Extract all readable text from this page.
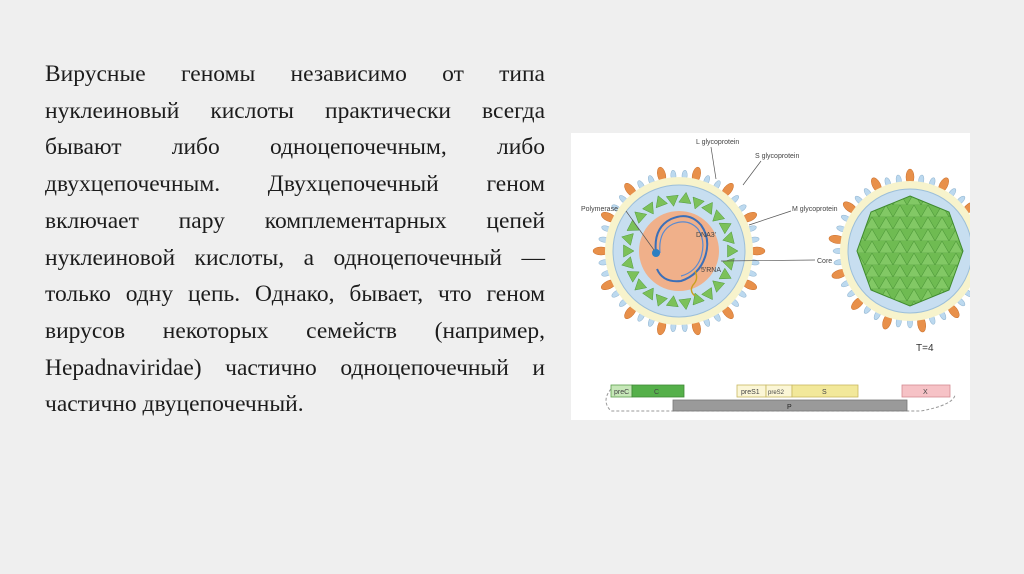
Вирусные геномы независимо от типа нуклеиновый кислоты практически всегда бывают либо одноцепочечным, либо двухцепочечным. Двухцепочечный геном включает пару комплементарных цепей нуклеиновой кислоты, а одноцепочечный — только одну цепь. Однако, бывает, что геном вирусов некоторых семейств (например, Hepadnaviridae) частично одноцепочечный и частично двуцепочечный.
L glycoprotein
S glycoprotein
M glycoprotein
Polymerase
DNA3'
5'RNA
Core
T=4
preC	C	preS1 preS2	S	X
P
